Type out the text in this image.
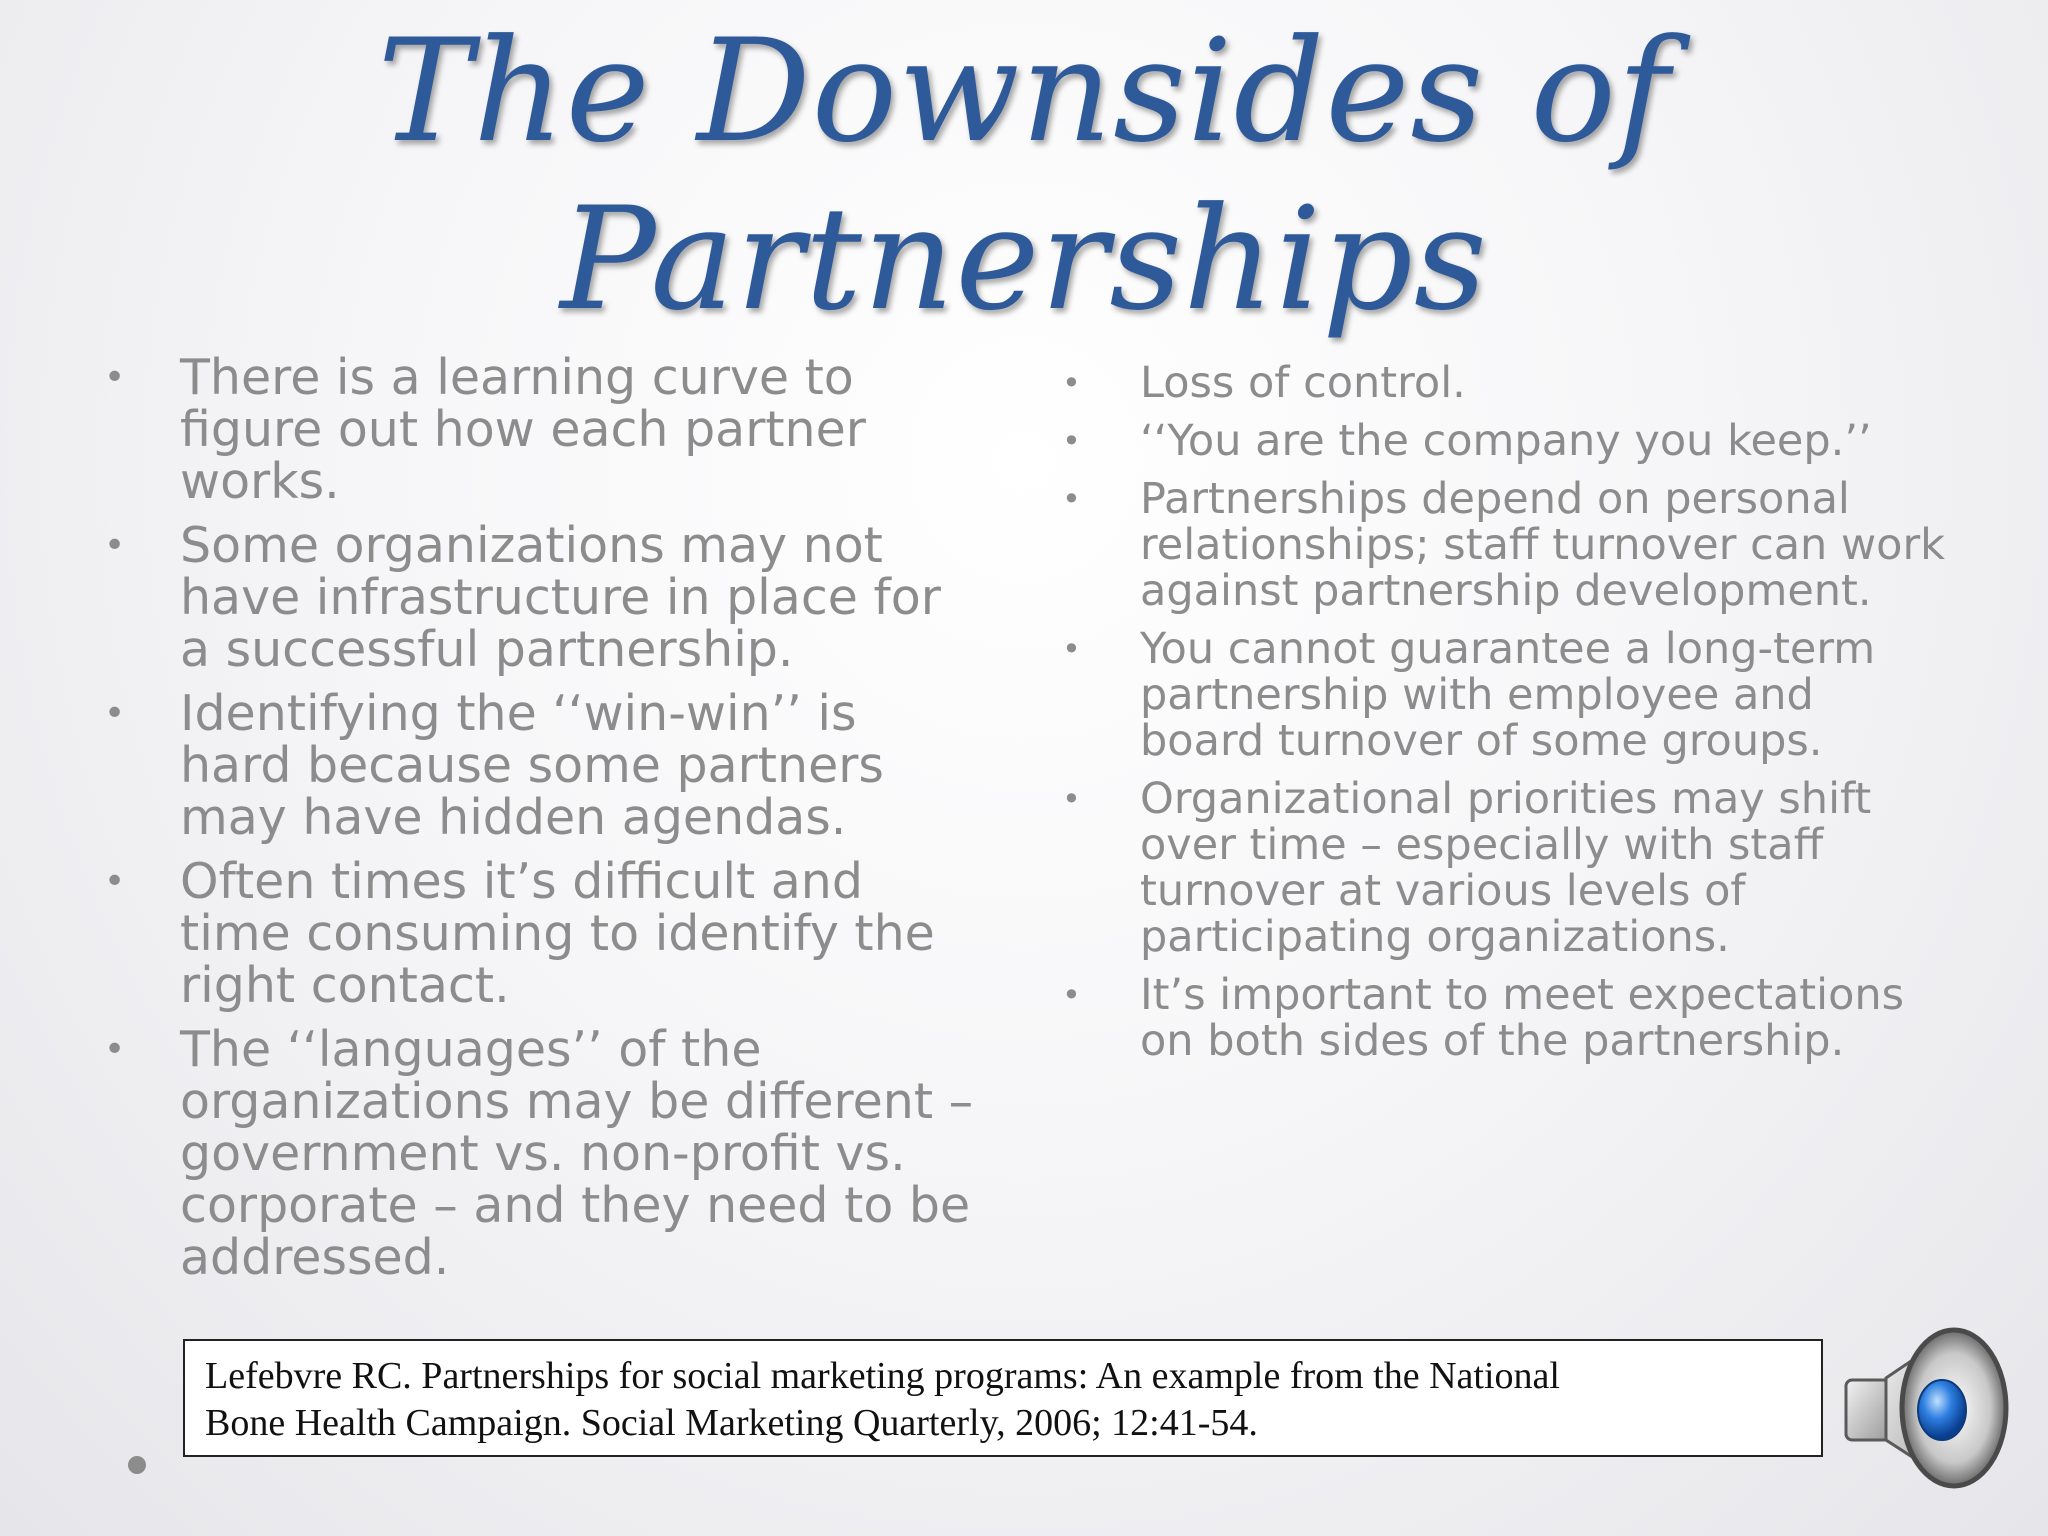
The Downsides of
Partnerships
• There is a learning curve to figure out how each partner works.
• Some organizations may not have infrastructure in place for a successful partnership.
• Identifying the ‘‘win-win’’ is hard because some partners may have hidden agendas.
• Often times it’s difficult and time consuming to identify the right contact.
• The ‘‘languages’’ of the organizations may be different – government vs. non-profit vs. corporate – and they need to be addressed.
• Loss of control.
• ‘‘You are the company you keep.’’
• Partnerships depend on personal relationships; staff turnover can work against partnership development.
• You cannot guarantee a long-term partnership with employee and board turnover of some groups.
• Organizational priorities may shift over time – especially with staff turnover at various levels of participating organizations.
• It’s important to meet expectations on both sides of the partnership.
Lefebvre RC. Partnerships for social marketing programs: An example from the National
Bone Health Campaign. Social Marketing Quarterly, 2006; 12:41-54.
